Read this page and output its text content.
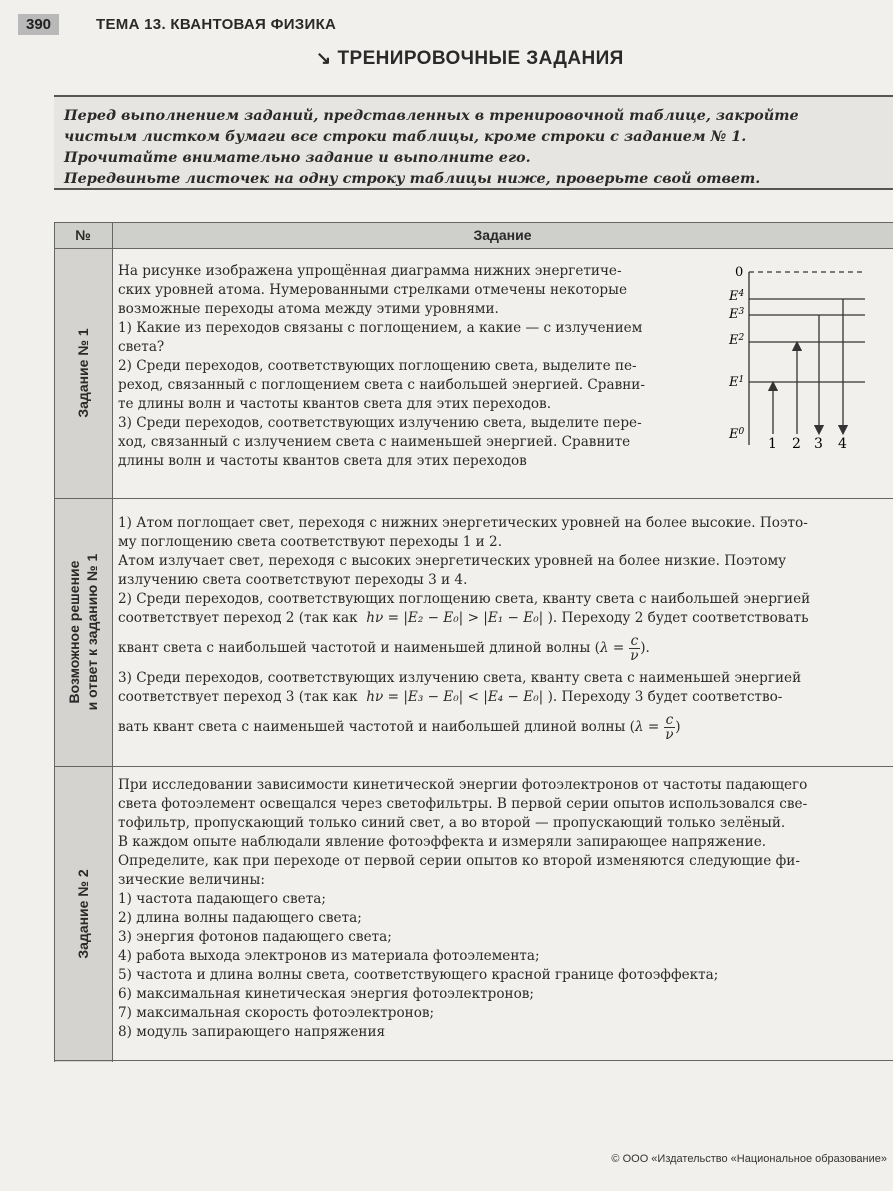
390	ТЕМА 13. КВАНТОВАЯ ФИЗИКА
↘ ТРЕНИРОВОЧНЫЕ ЗАДАНИЯ

Перед выполнением заданий, представленных в тренировочной таблице, закройте

чистым листком бумаги все строки таблицы, кроме строки с заданием № 1.

Прочитайте внимательно задание и выполните его.

Передвиньте листочек на одну строку таблицы ниже, проверьте свой ответ.

№	Задание
Задание № 1
Возможное решение и ответ к заданию № 1
Задание № 2

На рисунке изображена упрощённая диаграмма нижних энергетиче-

ских уровней атома. Нумерованными стрелками отмечены некоторые

возможные переходы атома между этими уровнями.

1) Какие из переходов связаны с поглощением, а какие — с излучением

света?

2) Среди переходов, соответствующих поглощению света, выделите пе-

реход, связанный с поглощением света с наибольшей энергией. Сравни-

те длины волн и частоты квантов света для этих переходов.

3) Среди переходов, соответствующих излучению света, выделите пере-

ход, связанный с излучением света с наименьшей энергией. Сравните

длины волн и частоты квантов света для этих переходов

1) Атом поглощает свет, переходя с нижних энергетических уровней на более высокие. Поэто-

му поглощению света соответствуют переходы 1 и 2.

Атом излучает свет, переходя с высоких энергетических уровней на более низкие. Поэтому

излучению света соответствуют переходы 3 и 4.

2) Среди переходов, соответствующих поглощению света, кванту света с наибольшей энергией

соответствует переход 2 (так как hν = |E₂ − E₀| > |E₁ − E₀| ). Переходу 2 будет соответствовать

квант света с наибольшей частотой и наименьшей длиной волны ($\lambda = \frac{c}{\nu}$ ).

3) Среди переходов, соответствующих излучению света, кванту света с наименьшей энергией

соответствует переход 3 (так как hν = |E₃ − E₀| < |E₄ − E₀| ). Переходу 3 будет соответство-

вать квант света с наименьшей частотой и наибольшей длиной волны ($\lambda = \frac{c}{\nu}$ )

При исследовании зависимости кинетической энергии фотоэлектронов от частоты падающего

света фотоэлемент освещался через светофильтры. В первой серии опытов использовался све-

тофильтр, пропускающий только синий свет, а во второй — пропускающий только зелёный.

В каждом опыте наблюдали явление фотоэффекта и измеряли запирающее напряжение.

Определите, как при переходе от первой серии опытов ко второй изменяются следующие фи-

зические величины:

1) частота падающего света;

2) длина волны падающего света;

3) энергия фотонов падающего света;

4) работа выхода электронов из материала фотоэлемента;

5) частота и длина волны света, соответствующего красной границе фотоэффекта;

6) максимальная кинетическая энергия фотоэлектронов;

7) максимальная скорость фотоэлектронов;

8) модуль запирающего напряжения

0
$E^4$
$E^3$
$E^2$
$E^1$
$E^0$
1 2 3 4
© ООО «Издательство «Национальное образование»
